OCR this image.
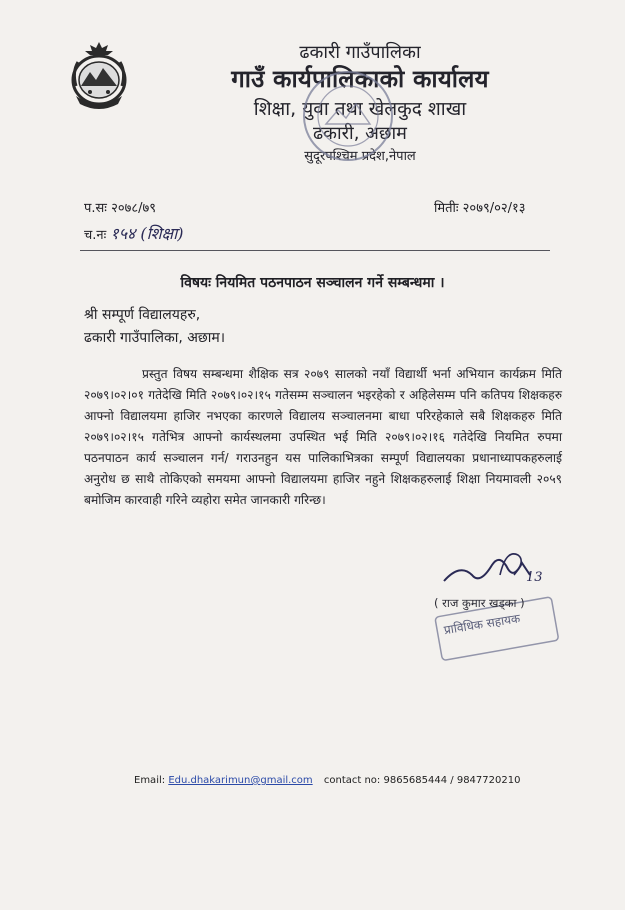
ढकारी गाउँपालिका
गाउँ कार्यपालिकाको कार्यालय
शिक्षा, युवा तथा खेलकुद शाखा
ढकारी, अछाम
सुदूरपश्चिम प्रदेश,नेपाल
प.सः २०७८/७९	मितीः २०७९/०२/१३
च.नः १५४ (शिक्षा)
विषयः नियमित पठनपाठन सञ्चालन गर्ने सम्बन्धमा ।
श्री सम्पूर्ण विद्यालयहरु,
ढकारी गाउँपालिका, अछाम।
प्रस्तुत विषय सम्बन्धमा शैक्षिक सत्र २०७९ सालको नयाँ विद्यार्थी भर्ना अभियान कार्यक्रम मिति २०७९।०२।०१ गतेदेखि मिति २०७९।०२।१५ गतेसम्म सञ्चालन भइरहेको र अहिलेसम्म पनि कतिपय शिक्षकहरु आफ्नो विद्यालयमा हाजिर नभएका कारणले विद्यालय सञ्चालनमा बाधा परिरहेकाले सबै शिक्षकहरु मिति २०७९।०२।१५ गतेभित्र आफ्नो कार्यस्थलमा उपस्थित भई मिति २०७९।०२।१६ गतेदेखि नियमित रुपमा पठनपाठन कार्य सञ्चालन गर्न/ गराउनहुन यस पालिकाभित्रका सम्पूर्ण विद्यालयका प्रधानाध्यापकहरुलाई अनुरोध छ साथै तोकिएको समयमा आफ्नो विद्यालयमा हाजिर नहुने शिक्षकहरुलाई शिक्षा नियमावली २०५९ बमोजिम कारवाही गरिने व्यहोरा समेत जानकारी गरिन्छ।
13
( राज कुमार खड्का )
प्राविधिक सहायक
Email: Edu.dhakarimun@gmail.com contact no: 9865685444 / 9847720210
